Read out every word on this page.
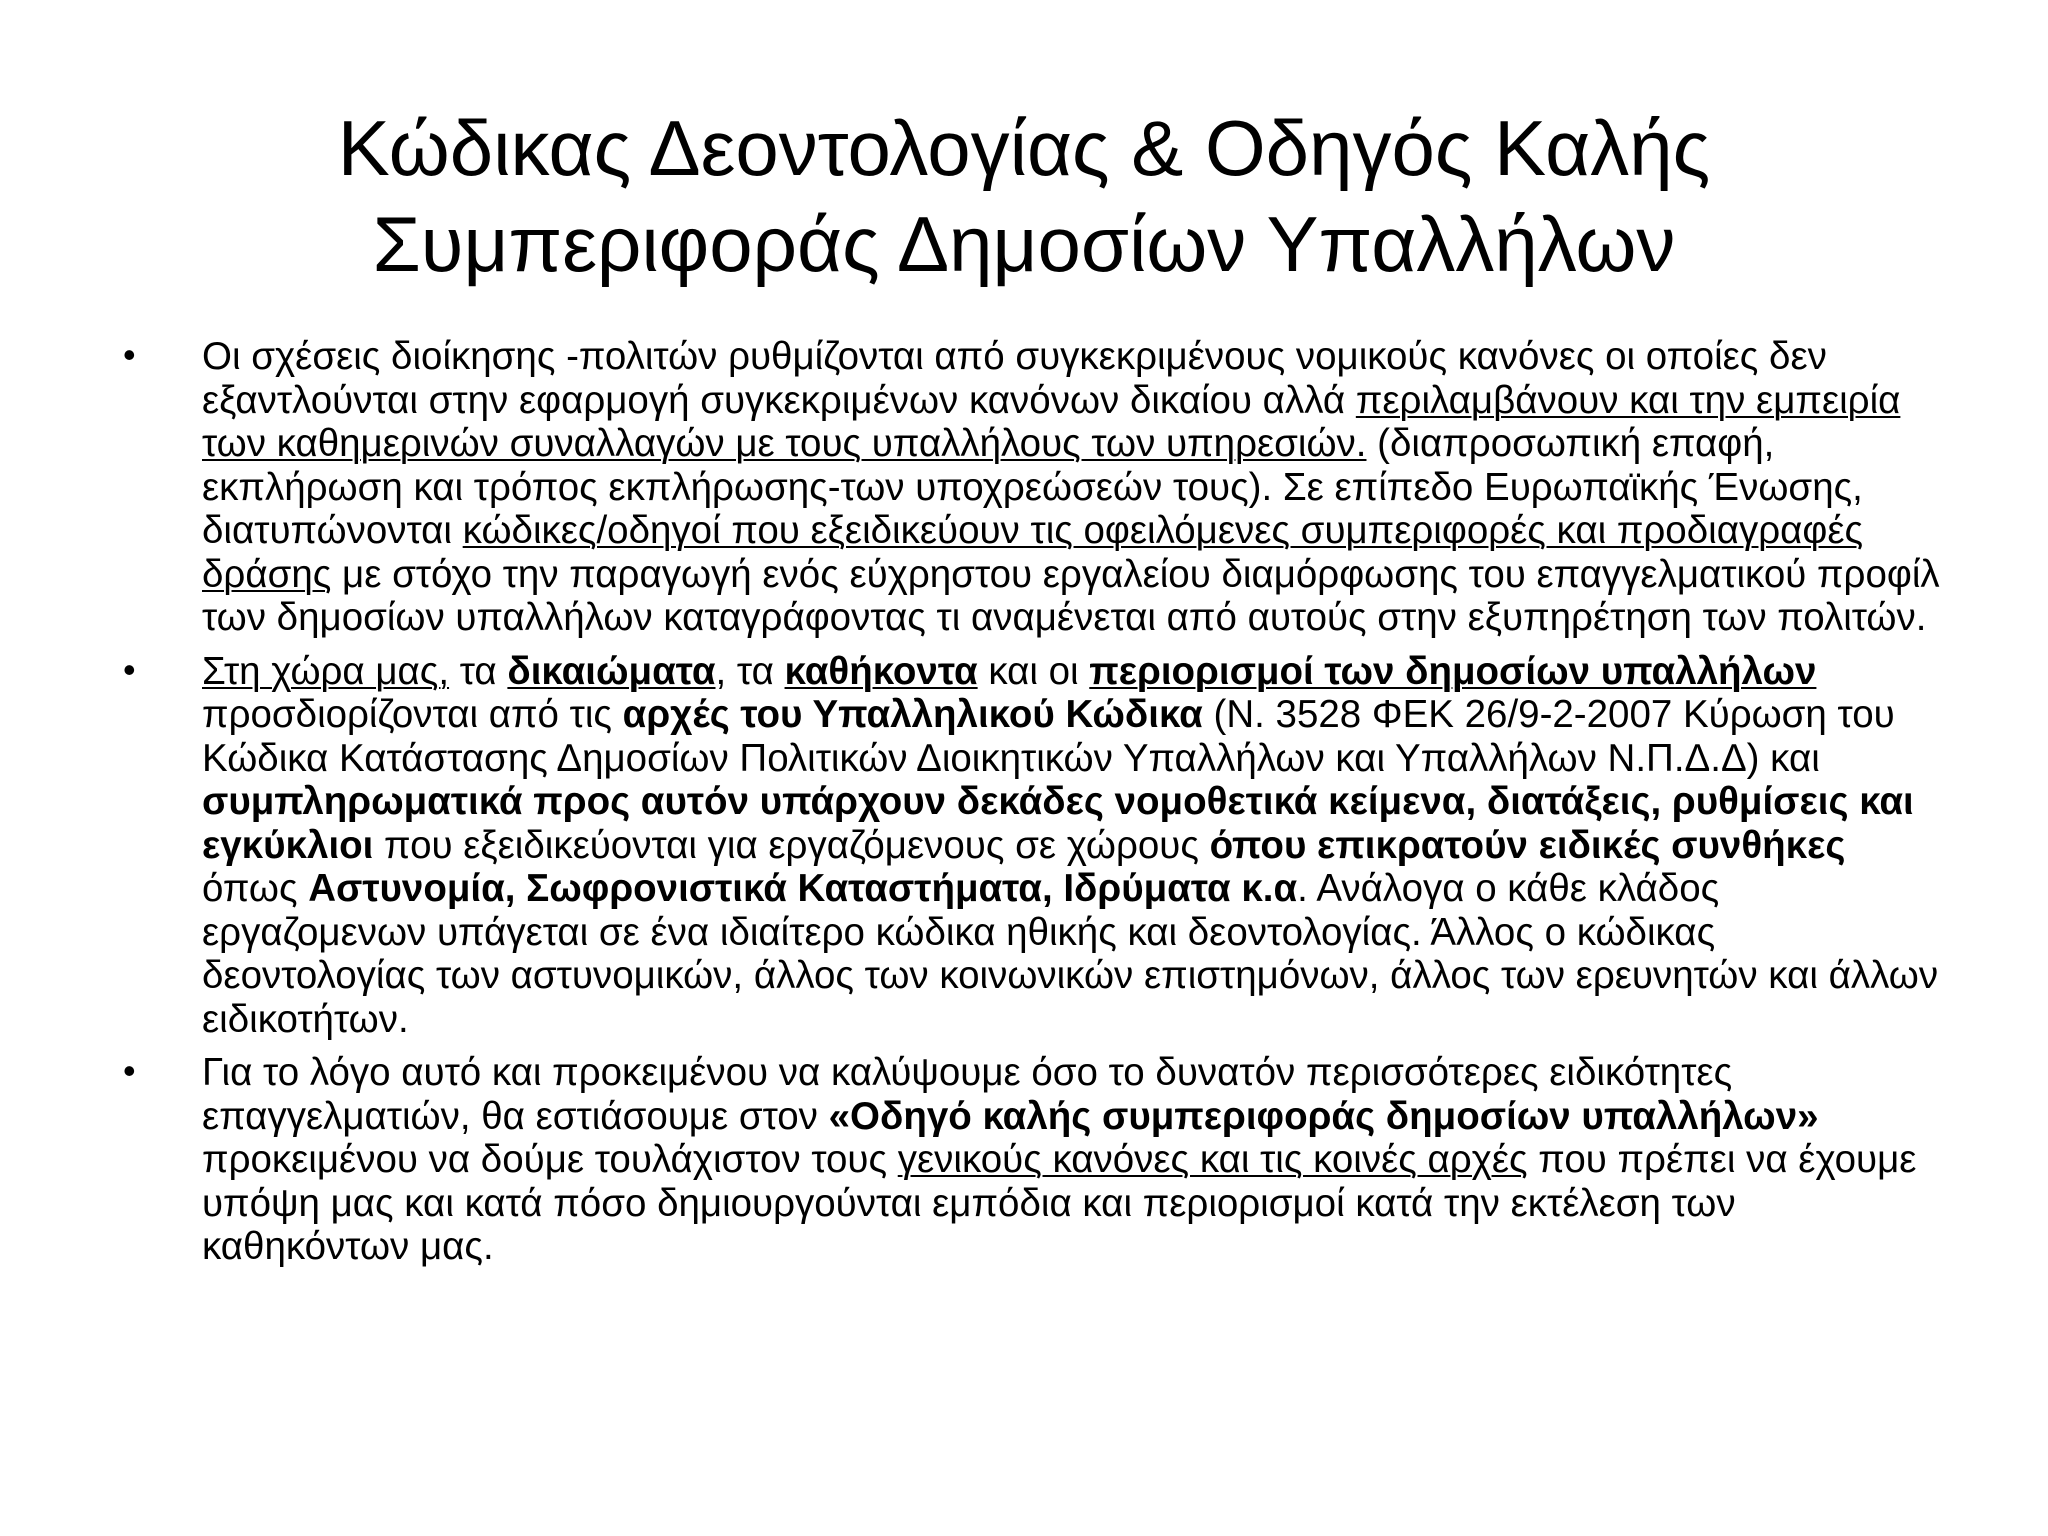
Κώδικας Δεοντολογίας & Οδηγός Καλής
Συμπεριφοράς Δημοσίων Υπαλλήλων
• Οι σχέσεις διοίκησης -πολιτών ρυθμίζονται από συγκεκριμένους νομικούς κανόνες οι οποίες δεν εξαντλούνται στην εφαρμογή συγκεκριμένων κανόνων δικαίου αλλά περιλαμβάνουν και την εμπειρία των καθημερινών συναλλαγών με τους υπαλλήλους των υπηρεσιών. (διαπροσωπική επαφή, εκπλήρωση και τρόπος εκπλήρωσης-των υποχρεώσεών τους). Σε επίπεδο Ευρωπαϊκής Ένωσης, διατυπώνονται κώδικες/οδηγοί που εξειδικεύουν τις οφειλόμενες συμπεριφορές και προδιαγραφές δράσης με στόχο την παραγωγή ενός εύχρηστου εργαλείου διαμόρφωσης του επαγγελματικού προφίλ των δημοσίων υπαλλήλων καταγράφοντας τι αναμένεται από αυτούς στην εξυπηρέτηση των πολιτών.
• Στη χώρα μας, τα δικαιώματα, τα καθήκοντα και οι περιορισμοί των δημοσίων υπαλλήλων προσδιορίζονται από τις αρχές του Υπαλληλικού Κώδικα (Ν. 3528 ΦΕΚ 26/9-2-2007 Κύρωση του Κώδικα Κατάστασης Δημοσίων Πολιτικών Διοικητικών Υπαλλήλων και Υπαλλήλων Ν.Π.Δ.Δ) και συμπληρωματικά προς αυτόν υπάρχουν δεκάδες νομοθετικά κείμενα, διατάξεις, ρυθμίσεις και εγκύκλιοι που εξειδικεύονται για εργαζόμενους σε χώρους όπου επικρατούν ειδικές συνθήκες όπως Αστυνομία, Σωφρονιστικά Καταστήματα, Ιδρύματα κ.α. Ανάλογα ο κάθε κλάδος εργαζομενων υπάγεται σε ένα ιδιαίτερο κώδικα ηθικής και δεοντολογίας. Άλλος ο κώδικας δεοντολογίας των αστυνομικών, άλλος των κοινωνικών επιστημόνων, άλλος των ερευνητών και άλλων ειδικοτήτων.
• Για το λόγο αυτό και προκειμένου να καλύψουμε όσο το δυνατόν περισσότερες ειδικότητες επαγγελματιών, θα εστιάσουμε στον «Οδηγό καλής συμπεριφοράς δημοσίων υπαλλήλων» προκειμένου να δούμε τουλάχιστον τους γενικούς κανόνες και τις κοινές αρχές που πρέπει να έχουμε υπόψη μας και κατά πόσο δημιουργούνται εμπόδια και περιορισμοί κατά την εκτέλεση των καθηκόντων μας.
